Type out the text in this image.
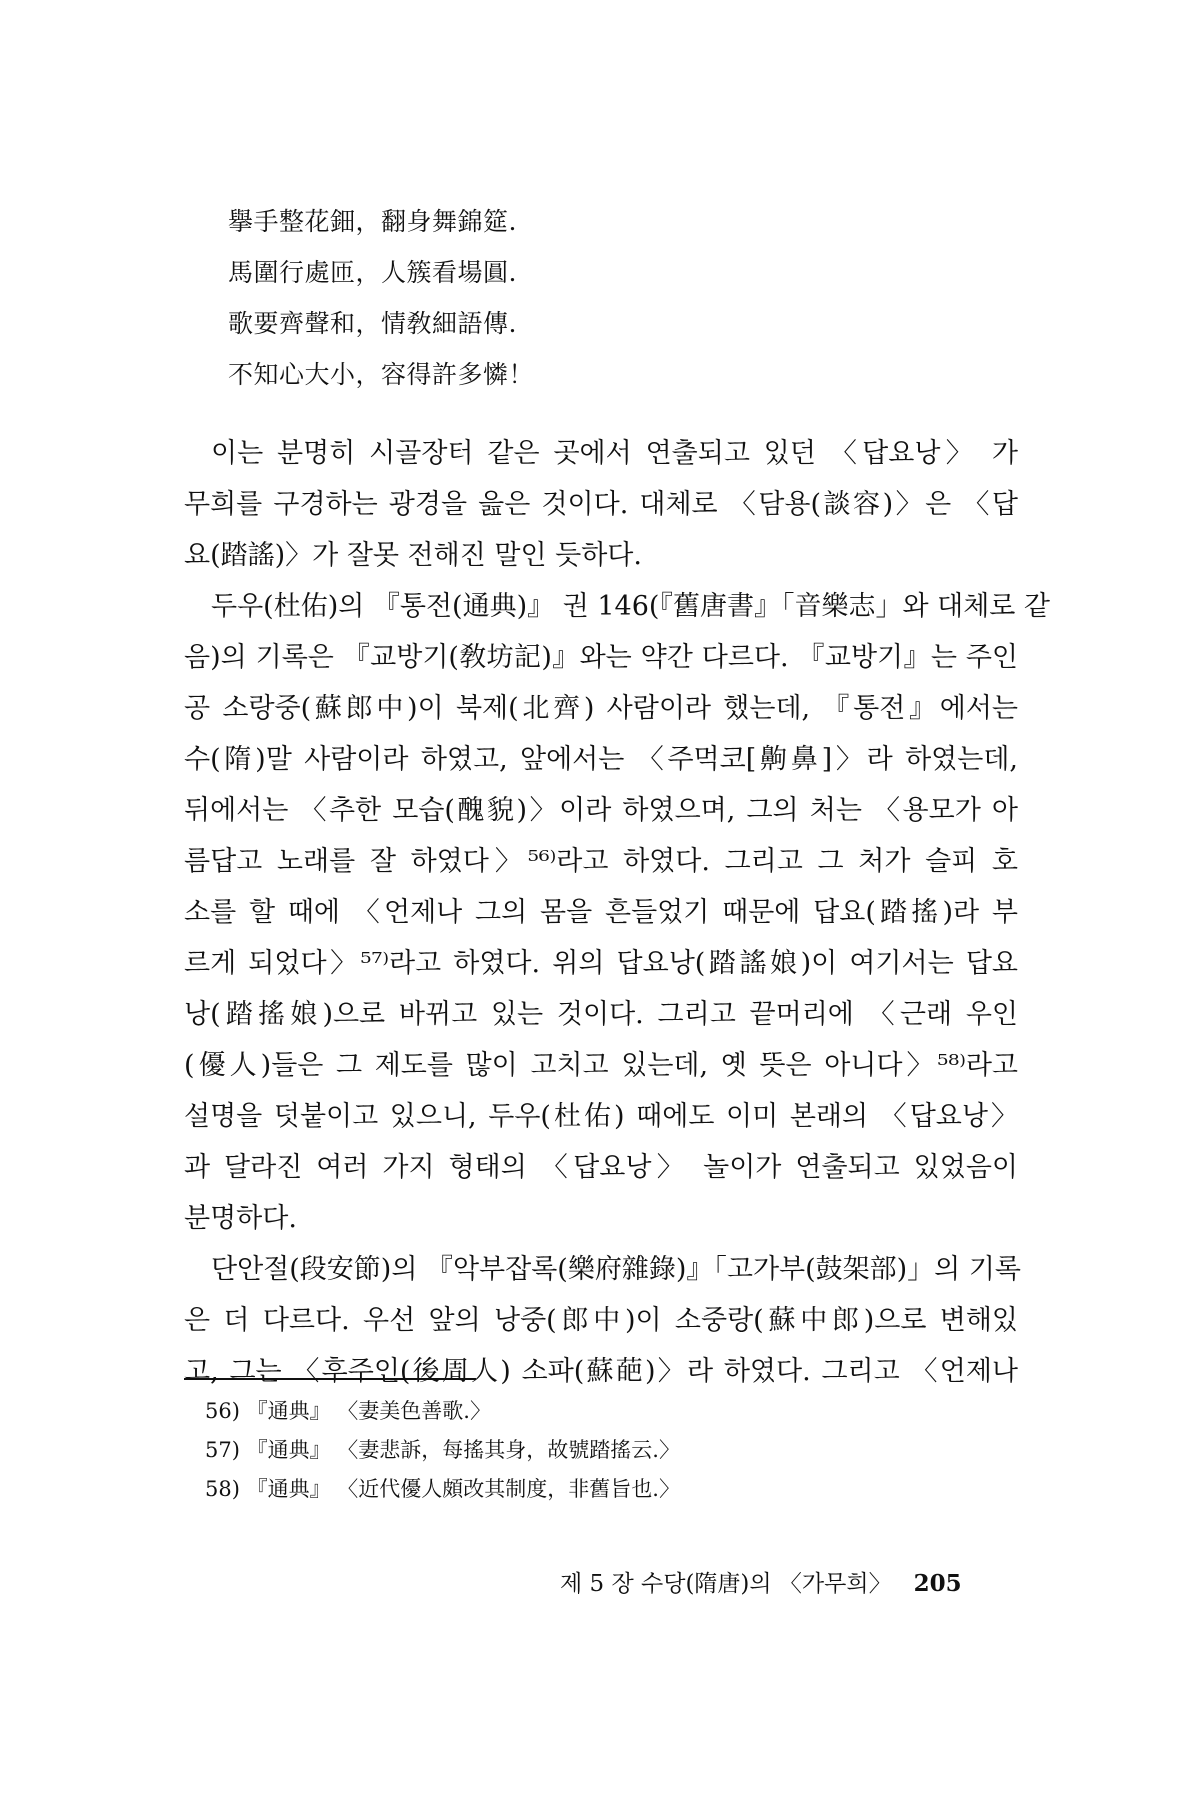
擧手整花鈿，翻身舞錦筵.
馬圍行處匝，人簇看場圓.
歌要齊聲和，情敎細語傳.
不知心大小，容得許多憐！
이는 분명히 시골장터 같은 곳에서 연출되고 있던 〈답요낭〉 가
무희를 구경하는 광경을 읊은 것이다. 대체로 〈담용(談容)〉은 〈답
요(踏謠)〉가 잘못 전해진 말인 듯하다.
두우(杜佑)의 『통전(通典)』 권 146(『舊唐書』「音樂志」와 대체로 같
음)의 기록은 『교방기(敎坊記)』와는 약간 다르다. 『교방기』는 주인
공 소랑중(蘇郎中)이 북제(北齊) 사람이라 했는데, 『통전』에서는
수(隋)말 사람이라 하였고, 앞에서는 〈주먹코[齁鼻]〉라 하였는데,
뒤에서는 〈추한 모습(醜貌)〉이라 하였으며, 그의 처는 〈용모가 아
름답고 노래를 잘 하였다〉⁵⁶⁾라고 하였다. 그리고 그 처가 슬피 호
소를 할 때에 〈언제나 그의 몸을 흔들었기 때문에 답요(踏搖)라 부
르게 되었다〉⁵⁷⁾라고 하였다. 위의 답요낭(踏謠娘)이 여기서는 답요
낭(踏搖娘)으로 바뀌고 있는 것이다. 그리고 끝머리에 〈근래 우인
(優人)들은 그 제도를 많이 고치고 있는데, 옛 뜻은 아니다〉⁵⁸⁾라고
설명을 덧붙이고 있으니, 두우(杜佑) 때에도 이미 본래의 〈답요낭〉
과 달라진 여러 가지 형태의 〈답요낭〉 놀이가 연출되고 있었음이
분명하다.
단안절(段安節)의 『악부잡록(樂府雜錄)』「고가부(鼓架部)」의 기록
은 더 다르다. 우선 앞의 낭중(郎中)이 소중랑(蘇中郎)으로 변해있
고, 그는 〈후주인(後周人) 소파(蘇葩)〉라 하였다. 그리고 〈언제나
56) 『通典』 〈妻美色善歌.〉
57) 『通典』 〈妻悲訴，每搖其身，故號踏搖云.〉
58) 『通典』 〈近代優人頗改其制度，非舊旨也.〉
제 5 장 수당(隋唐)의 〈가무희〉 205
